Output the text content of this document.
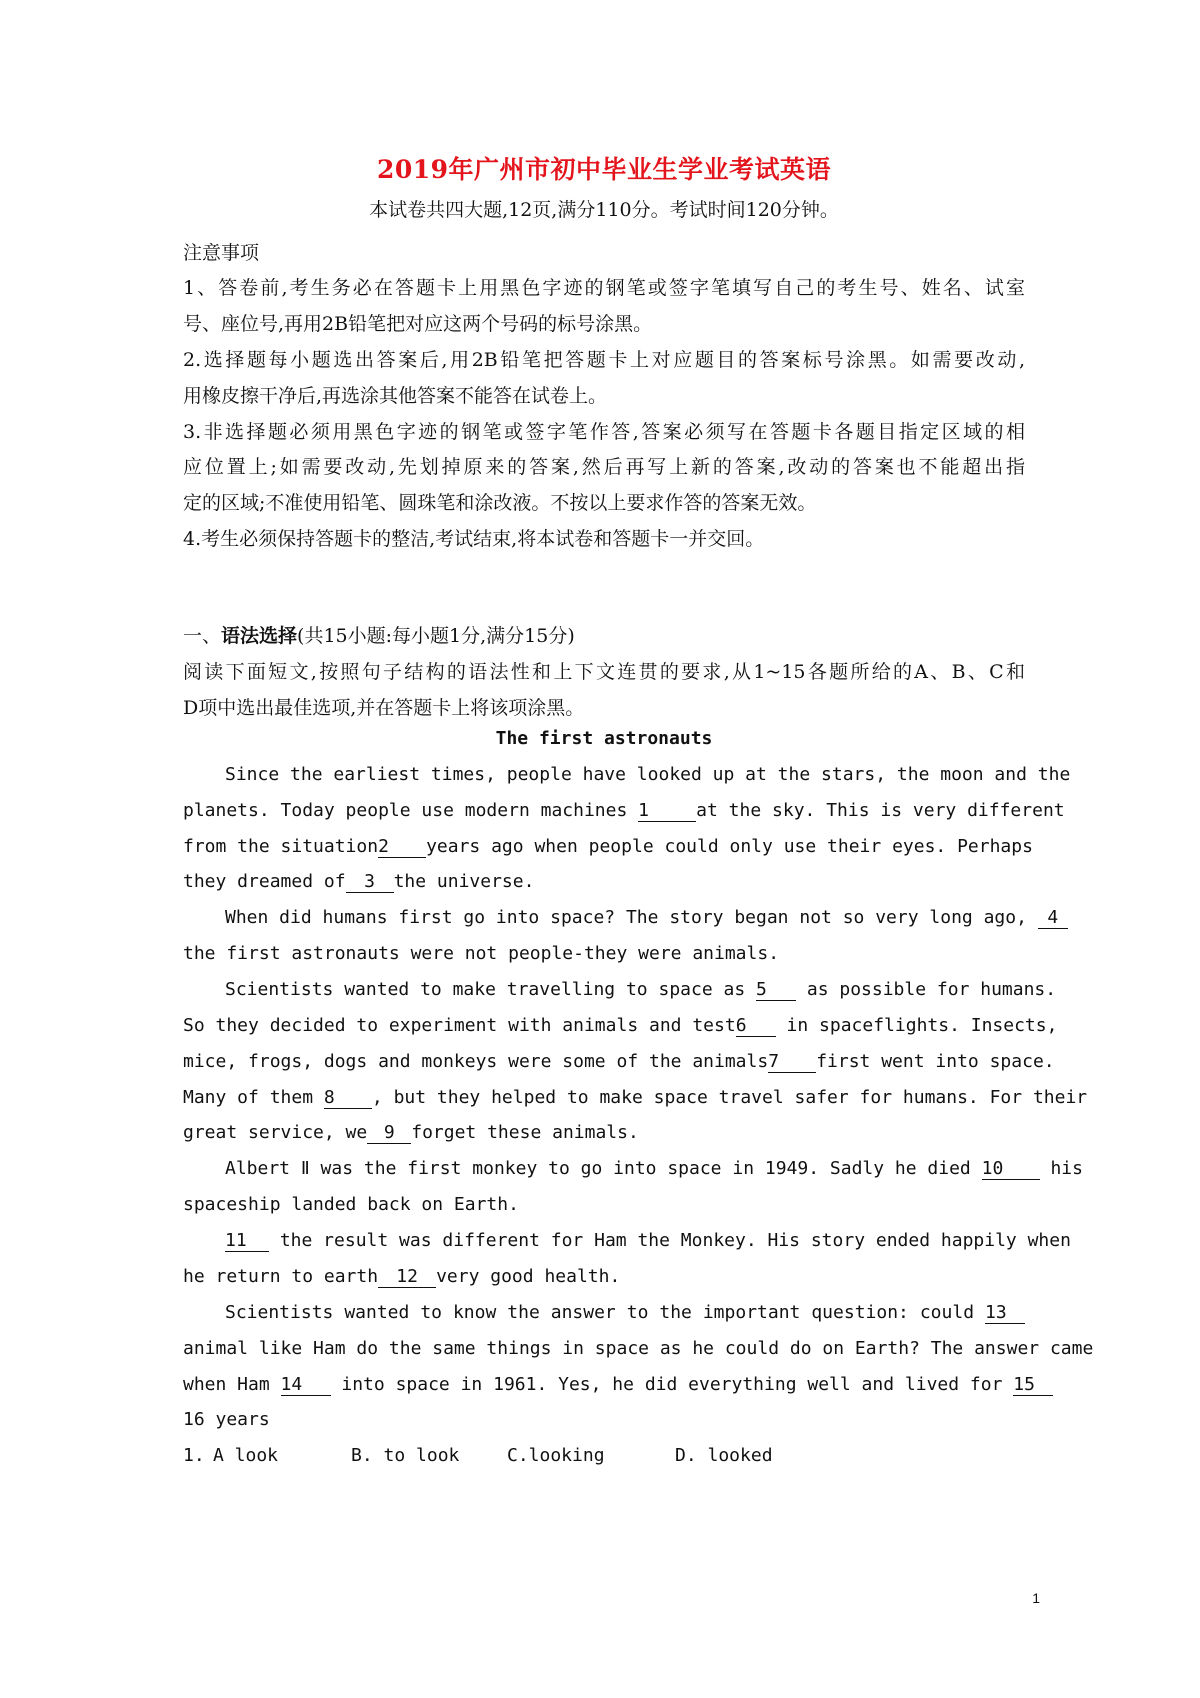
2019年广州市初中毕业生学业考试英语
本试卷共四大题,12页,满分110分。考试时间120分钟。
注意事项
1、答卷前,考生务必在答题卡上用黑色字迹的钢笔或签字笔填写自己的考生号、姓名、试室
号、座位号,再用2B铅笔把对应这两个号码的标号涂黑。
2.选择题每小题选出答案后,用2B铅笔把答题卡上对应题目的答案标号涂黑。如需要改动,
用橡皮擦干净后,再选涂其他答案不能答在试卷上。
3.非选择题必须用黑色字迹的钢笔或签字笔作答,答案必须写在答题卡各题目指定区域的相
应位置上;如需要改动,先划掉原来的答案,然后再写上新的答案,改动的答案也不能超出指
定的区域;不准使用铅笔、圆珠笔和涂改液。不按以上要求作答的答案无效。
4.考生必须保持答题卡的整洁,考试结束,将本试卷和答题卡一并交回。
一、语法选择(共15小题:每小题1分,满分15分)
阅读下面短文,按照句子结构的语法性和上下文连贯的要求,从1~15各题所给的A、B、C和
D项中选出最佳选项,并在答题卡上将该项涂黑。
The first astronauts
Since the earliest times, people have looked up at the stars, the moon and the
planets. Today people use modern machines 1	at the sky. This is very different
from the situation2 years ago when people could only use their eyes. Perhaps
they dreamed of 3 the universe.
When did humans first go into space? The story began not so very long ago, 4
the first astronauts were not people-they were animals.
Scientists wanted to make travelling to space as 5 as possible for humans.
So they decided to experiment with animals and test6 in spaceflights. Insects,
mice, frogs, dogs and monkeys were some of the animals7 first went into space.
Many of them 8 , but they helped to make space travel safer for humans. For their
great service, we 9 forget these animals.
Albert Ⅱ was the first monkey to go into space in 1949. Sadly he died 10 his
spaceship landed back on Earth.
11 the result was different for Ham the Monkey. His story ended happily when
he return to earth 12 very good health.
Scientists wanted to know the answer to the important question: could 13
animal like Ham do the same things in space as he could do on Earth? The answer came
when Ham 14 into space in 1961. Yes, he did everything well and lived for 15
16 years
1. A look	B. to look	C.looking	D. looked
1
